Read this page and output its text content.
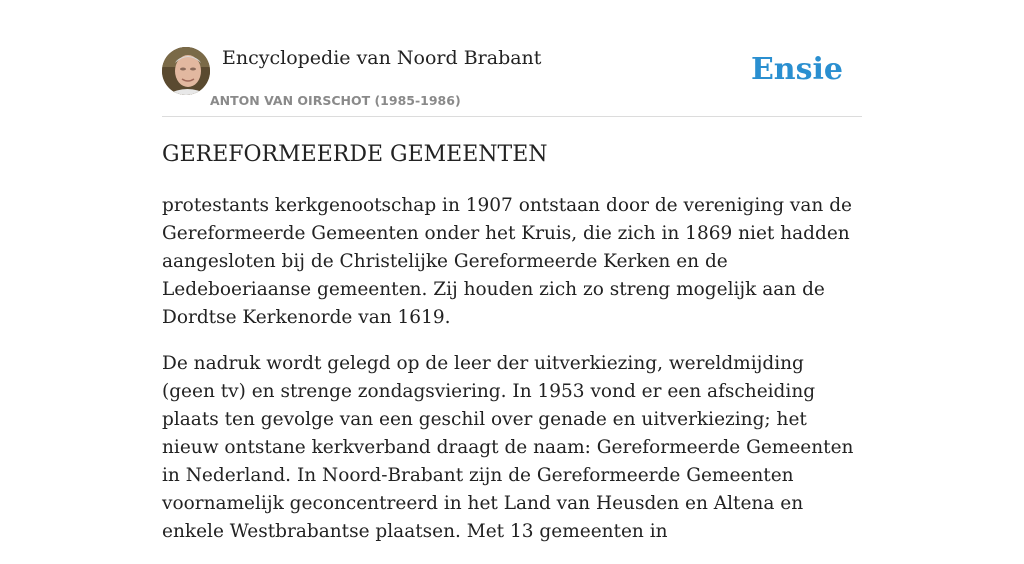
Encyclopedie van Noord Brabant
ANTON VAN OIRSCHOT (1985-1986)
Ensie
GEREFORMEERDE GEMEENTEN

protestants kerkgenootschap in 1907 ontstaan door de vereniging van de Gereformeerde Gemeenten onder het Kruis, die zich in 1869 niet hadden aangesloten bij de Christelijke Gereformeerde Kerken en de Ledeboeriaanse gemeenten. Zij houden zich zo streng mogelijk aan de Dordtse Kerkenorde van 1619.

De nadruk wordt gelegd op de leer der uitverkiezing, wereldmijding (geen tv) en strenge zondagsviering. In 1953 vond er een afscheiding plaats ten gevolge van een geschil over genade en uitverkiezing; het nieuw ontstane kerkverband draagt de naam: Gereformeerde Gemeenten in Nederland. In Noord-Brabant zijn de Gereformeerde Gemeenten voornamelijk geconcentreerd in het Land van Heusden en Altena en enkele Westbrabantse plaatsen. Met 13 gemeenten in
